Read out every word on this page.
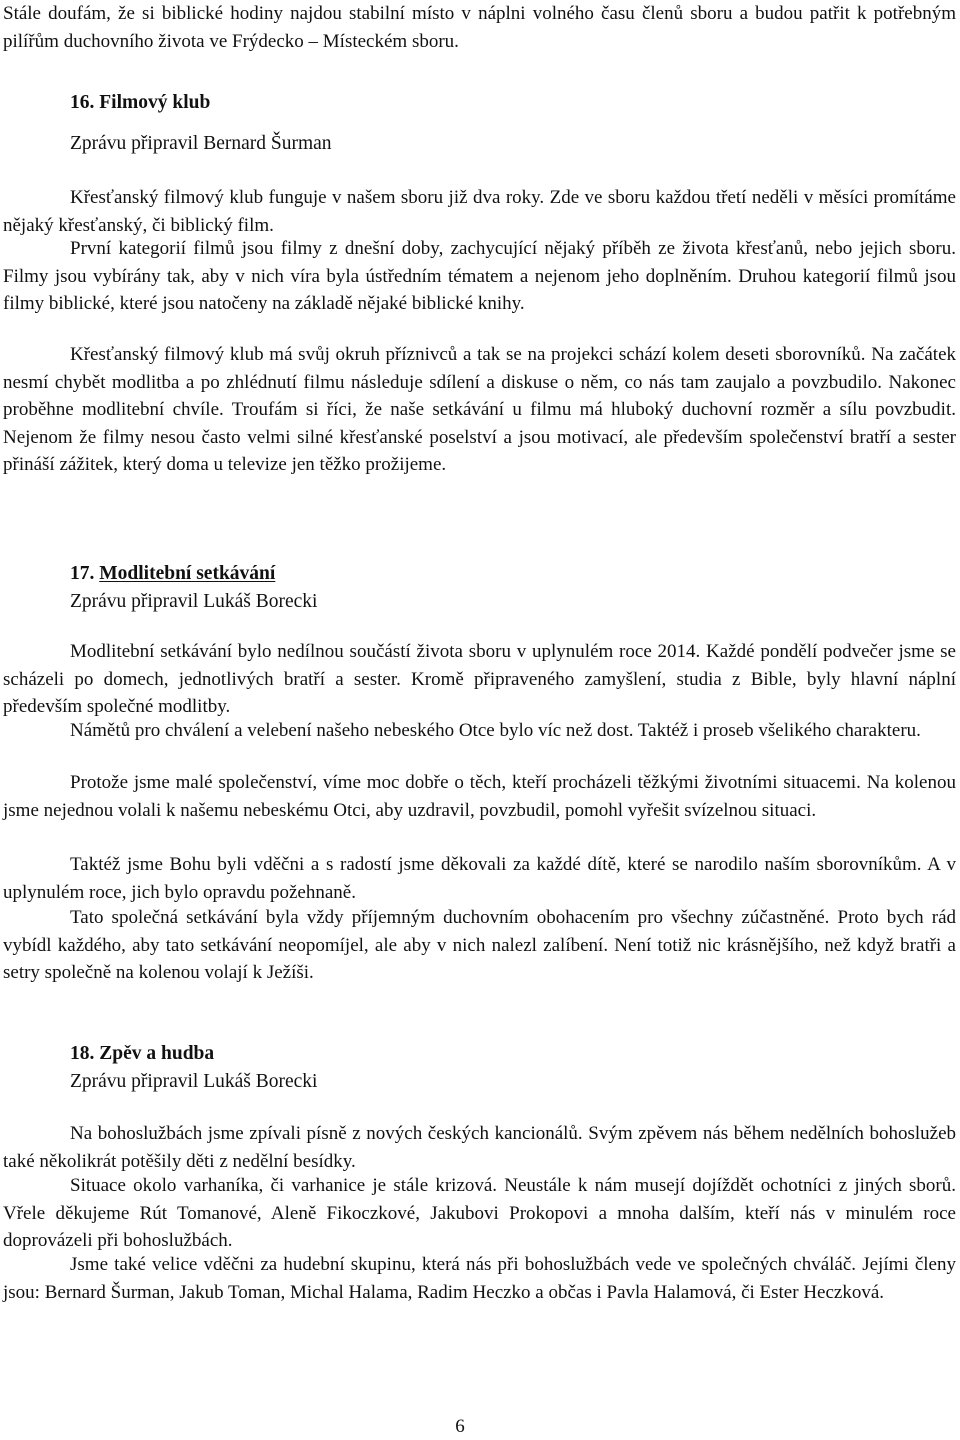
Stále doufám, že si biblické hodiny najdou stabilní místo v náplni volného času členů sboru a budou patřit k potřebným pilířům duchovního života ve Frýdecko – Místeckém sboru.

16. Filmový klub

Zprávu připravil Bernard Šurman

Křesťanský filmový klub funguje v našem sboru již dva roky. Zde ve sboru každou třetí neděli v měsíci promítáme nějaký křesťanský, či biblický film.

První kategorií filmů jsou filmy z dnešní doby, zachycující nějaký příběh ze života křesťanů, nebo jejich sboru. Filmy jsou vybírány tak, aby v nich víra byla ústředním tématem a nejenom jeho doplněním. Druhou kategorií filmů jsou filmy biblické, které jsou natočeny na základě nějaké biblické knihy.

Křesťanský filmový klub má svůj okruh příznivců a tak se na projekci schází kolem deseti sborovníků. Na začátek nesmí chybět modlitba a po zhlédnutí filmu následuje sdílení a diskuse o něm, co nás tam zaujalo a povzbudilo. Nakonec proběhne modlitební chvíle. Troufám si říci, že naše setkávání u filmu má hluboký duchovní rozměr a sílu povzbudit. Nejenom že filmy nesou často velmi silné křesťanské poselství a jsou motivací, ale především společenství bratří a sester přináší zážitek, který doma u televize jen těžko prožijeme.

17. Modlitební setkávání

Zprávu připravil Lukáš Borecki

Modlitební setkávání bylo nedílnou součástí života sboru v uplynulém roce 2014. Každé pondělí podvečer jsme se scházeli po domech, jednotlivých bratří a sester. Kromě připraveného zamyšlení, studia z Bible, byly hlavní náplní především společné modlitby.

Námětů pro chválení a velebení našeho nebeského Otce bylo víc než dost. Taktéž i proseb všelikého charakteru.

Protože jsme malé společenství, víme moc dobře o těch, kteří procházeli těžkými životními situacemi. Na kolenou jsme nejednou volali k našemu nebeskému Otci, aby uzdravil, povzbudil, pomohl vyřešit svízelnou situaci.

Taktéž jsme Bohu byli vděčni a s radostí jsme děkovali za každé dítě, které se narodilo naším sborovníkům. A v uplynulém roce, jich bylo opravdu požehnaně.

Tato společná setkávání byla vždy příjemným duchovním obohacením pro všechny zúčastněné. Proto bych rád vybídl každého, aby tato setkávání neopomíjel, ale aby v nich nalezl zalíbení. Není totiž nic krásnějšího, než když bratři a setry společně na kolenou volají k Ježíši.

18. Zpěv a hudba

Zprávu připravil Lukáš Borecki

Na bohoslužbách jsme zpívali písně z nových českých kancionálů. Svým zpěvem nás během nedělních bohoslužeb také několikrát potěšily děti z nedělní besídky.

Situace okolo varhaníka, či varhanice je stále krizová. Neustále k nám musejí dojíždět ochotníci z jiných sborů. Vřele děkujeme Rút Tomanové, Aleně Fikoczkové, Jakubovi Prokopovi a mnoha dalším, kteří nás v minulém roce doprovázeli při bohoslužbách.

Jsme také velice vděčni za hudební skupinu, která nás při bohoslužbách vede ve společných chváláč. Jejími členy jsou: Bernard Šurman, Jakub Toman, Michal Halama, Radim Heczko a občas i Pavla Halamová, či Ester Heczková.

6
